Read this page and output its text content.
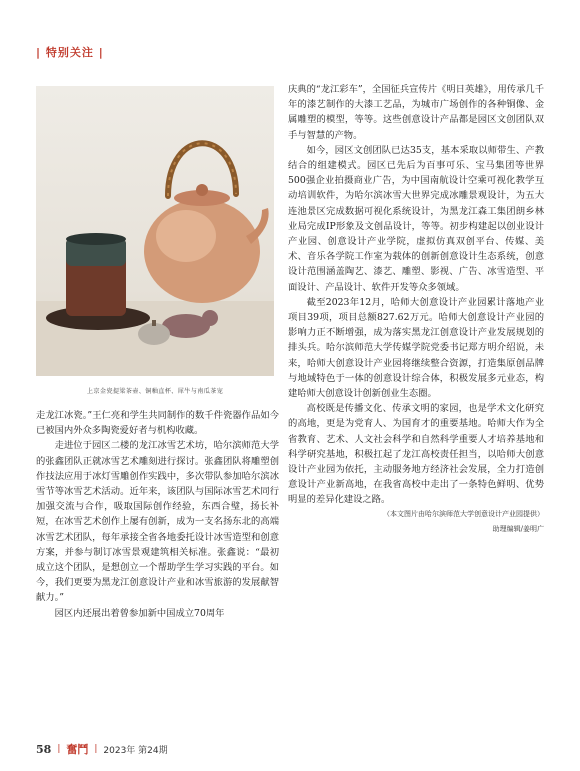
| 特别关注 |
上京金瓷提梁茶壶、铜釉直杯、犀牛与南瓜茶宠

走龙江冰瓷。”王仁亮和学生共同制作的数千件瓷器作品如今已被国内外众多陶瓷爱好者与机构收藏。

走进位于园区二楼的龙江冰雪艺术坊，哈尔滨师范大学的张鑫团队正就冰雪艺术雕刻进行探讨。张鑫团队将雕塑创作技法应用于冰灯雪雕创作实践中，多次带队参加哈尔滨冰雪节等冰雪艺术活动。近年来，该团队与国际冰雪艺术同行加强交流与合作，吸取国际创作经验，东西合璧，扬长补短，在冰雪艺术创作上屡有创新，成为一支名扬东北的高端冰雪艺术团队，每年承接全省各地委托设计冰雪造型和创意方案，并参与制订冰雪景观建筑相关标准。张鑫说：“最初成立这个团队，是想创立一个帮助学生学习实践的平台。如今，我们更要为黑龙江创意设计产业和冰雪旅游的发展献智献力。”

园区内还展出着曾参加新中国成立70周年

庆典的“龙江彩车”，全国征兵宣传片《明日英雄》，用传承几千年的漆艺制作的大漆工艺品，为城市广场创作的各种铜像、金属雕塑的模型，等等。这些创意设计产品都是园区文创团队双手与智慧的产物。

如今，园区文创团队已达35支，基本采取以师带生、产教结合的组建模式。园区已先后为百事可乐、宝马集团等世界500强企业拍摄商业广告，为中国南航设计空乘可视化教学互动培训软件，为哈尔滨冰雪大世界完成冰雕景观设计，为五大连池景区完成数据可视化系统设计，为黑龙江森工集团朗乡林业局完成IP形象及文创品设计，等等。初步构建起以创业设计产业园、创意设计产业学院，虚拟仿真双创平台、传媒、美术、音乐各学院工作室为载体的创新创意设计生态系统，创意设计范围涵盖陶艺、漆艺、雕塑、影视、广告、冰雪造型、平面设计、产品设计、软件开发等众多领域。

截至2023年12月，哈师大创意设计产业园累计落地产业项目39项，项目总额827.62万元。哈师大创意设计产业园的影响力正不断增强，成为落实黑龙江创意设计产业发展规划的排头兵。哈尔滨师范大学传媒学院党委书记郑方明介绍说，未来，哈师大创意设计产业园将继续整合资源，打造集原创品牌与地域特色于一体的创意设计综合体，积极发展多元业态，构建哈师大创意设计创新创业生态圈。

高校既是传播文化、传承文明的家园，也是学术文化研究的高地，更是为党育人、为国育才的重要基地。哈师大作为全省教育、艺术、人文社会科学和自然科学重要人才培养基地和科学研究基地，积极扛起了龙江高校责任担当，以哈师大创意设计产业园为依托，主动服务地方经济社会发展，全力打造创意设计产业新高地，在我省高校中走出了一条特色鲜明、优势明显的差异化建设之路。

（本文图片由哈尔滨师范大学创意设计产业园提供）
助理编辑/姜明广
58 | 奮鬥 | 2023年 第24期
